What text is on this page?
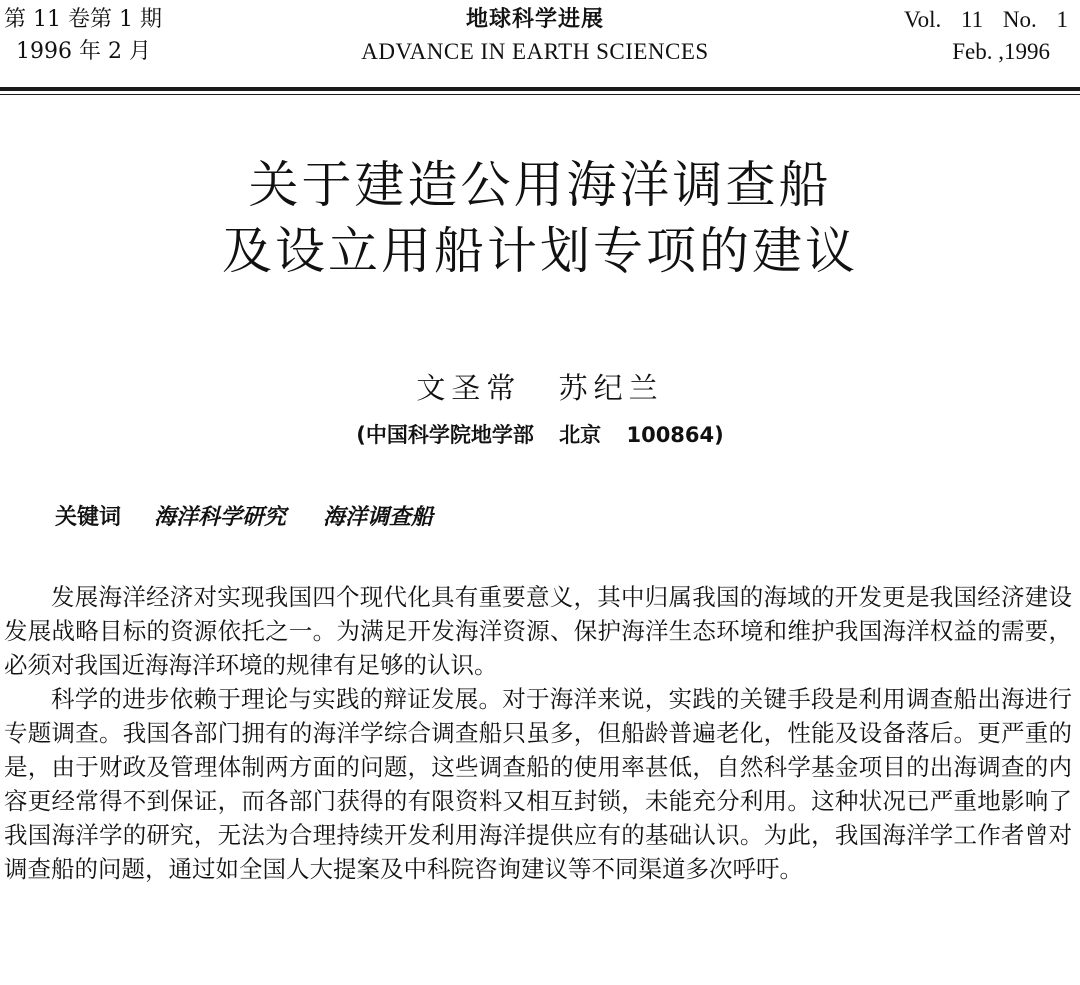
第 11 卷第 1 期
1996 年 2 月
地球科学进展
ADVANCE IN EARTH SCIENCES
Vol. 11 No. 1
Feb. ,1996
关于建造公用海洋调查船
及设立用船计划专项的建议
文圣常 苏纪兰
(中国科学院地学部 北京 100864)
关键词 海洋科学研究 海洋调查船

发展海洋经济对实现我国四个现代化具有重要意义，其中归属我国的海域的开发更是我国经济建设发展战略目标的资源依托之一。为满足开发海洋资源、保护海洋生态环境和维护我国海洋权益的需要，必须对我国近海海洋环境的规律有足够的认识。

科学的进步依赖于理论与实践的辩证发展。对于海洋来说，实践的关键手段是利用调查船出海进行专题调查。我国各部门拥有的海洋学综合调查船只虽多，但船龄普遍老化，性能及设备落后。更严重的是，由于财政及管理体制两方面的问题，这些调查船的使用率甚低，自然科学基金项目的出海调查的内容更经常得不到保证，而各部门获得的有限资料又相互封锁，未能充分利用。这种状况已严重地影响了我国海洋学的研究，无法为合理持续开发利用海洋提供应有的基础认识。为此，我国海洋学工作者曾对调查船的问题，通过如全国人大提案及中科院咨询建议等不同渠道多次呼吁。
